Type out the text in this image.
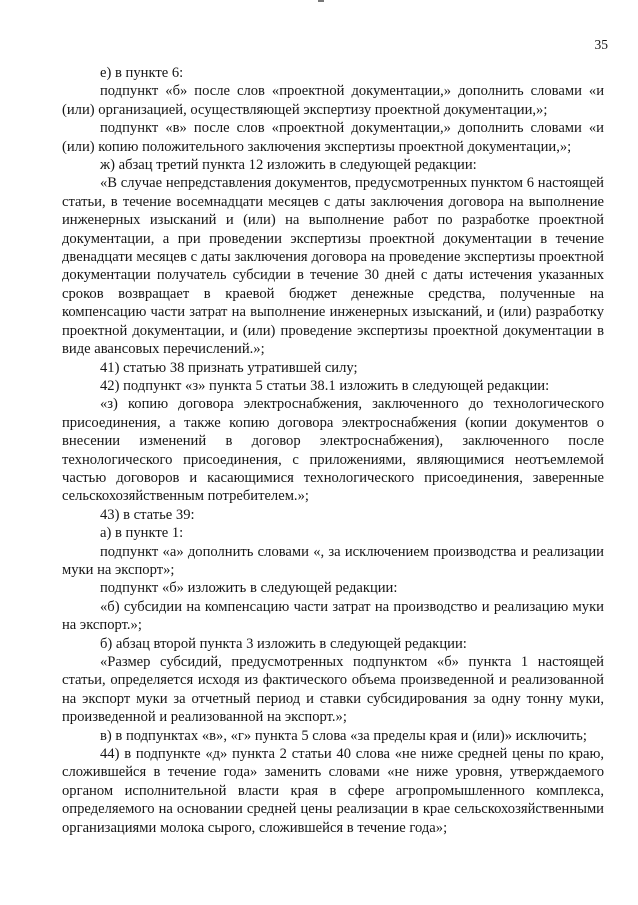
35

е) в пункте 6:

подпункт «б» после слов «проектной документации,» дополнить словами «и (или) организацией, осуществляющей экспертизу проектной документации,»;

подпункт «в» после слов «проектной документации,» дополнить словами «и (или) копию положительного заключения экспертизы проектной документации,»;

ж) абзац третий пункта 12 изложить в следующей редакции:

«В случае непредставления документов, предусмотренных пунктом 6 настоящей статьи, в течение восемнадцати месяцев с даты заключения договора на выполнение инженерных изысканий и (или) на выполнение работ по разработке проектной документации, а при проведении экспертизы проектной документации в течение двенадцати месяцев с даты заключения договора на проведение экспертизы проектной документации получатель субсидии в течение 30 дней с даты истечения указанных сроков возвращает в краевой бюджет денежные средства, полученные на компенсацию части затрат на выполнение инженерных изысканий, и (или) разработку проектной документации, и (или) проведение экспертизы проектной документации в виде авансовых перечислений.»;

41) статью 38 признать утратившей силу;

42) подпункт «з» пункта 5 статьи 38.1 изложить в следующей редакции:

«з) копию договора электроснабжения, заключенного до технологического присоединения, а также копию договора электроснабжения (копии документов о внесении изменений в договор электроснабжения), заключенного после технологического присоединения, с приложениями, являющимися неотъемлемой частью договоров и касающимися технологического присоединения, заверенные сельскохозяйственным потребителем.»;

43) в статье 39:

а) в пункте 1:

подпункт «а» дополнить словами «, за исключением производства и реализации муки на экспорт»;

подпункт «б» изложить в следующей редакции:

«б) субсидии на компенсацию части затрат на производство и реализацию муки на экспорт.»;

б) абзац второй пункта 3 изложить в следующей редакции:

«Размер субсидий, предусмотренных подпунктом «б» пункта 1 настоящей статьи, определяется исходя из фактического объема произведенной и реализованной на экспорт муки за отчетный период и ставки субсидирования за одну тонну муки, произведенной и реализованной на экспорт.»;

в) в подпунктах «в», «г» пункта 5 слова «за пределы края и (или)» исключить;

44) в подпункте «д» пункта 2 статьи 40 слова «не ниже средней цены по краю, сложившейся в течение года» заменить словами «не ниже уровня, утверждаемого органом исполнительной власти края в сфере агропромышленного комплекса, определяемого на основании средней цены реализации в крае сельскохозяйственными организациями молока сырого, сложившейся в течение года»;
